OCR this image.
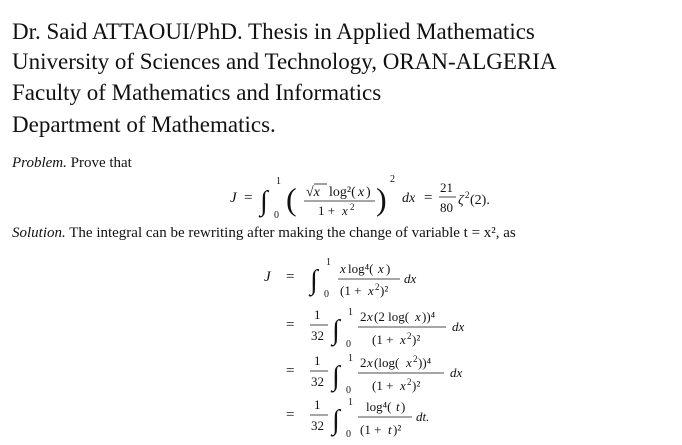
Dr. Said ATTAOUI/PhD. Thesis in Applied Mathematics
University of Sciences and Technology, ORAN-ALGERIA
Faculty of Mathematics and Informatics
Department of Mathematics.
Problem. Prove that
J = ∫
1
0 ( √x log²( x )
1 + x 2 )
2
dx =
21
80 ζ 2 (2).
Solution. The integral can be rewriting after making the change of variable t = x², as
J = ∫
1
0
x log⁴( x )
(1 + x 2 )²
dx
=
1
32 ∫
1
0
2 x (2 log( x ))⁴
(1 + x 2 )²
dx
=
1
32 ∫
1
0
2 x (log( x 2 ))⁴
(1 + x 2 )²
dx
=
1
32 ∫
1
0
log⁴( t )
(1 + t )²
dt.
